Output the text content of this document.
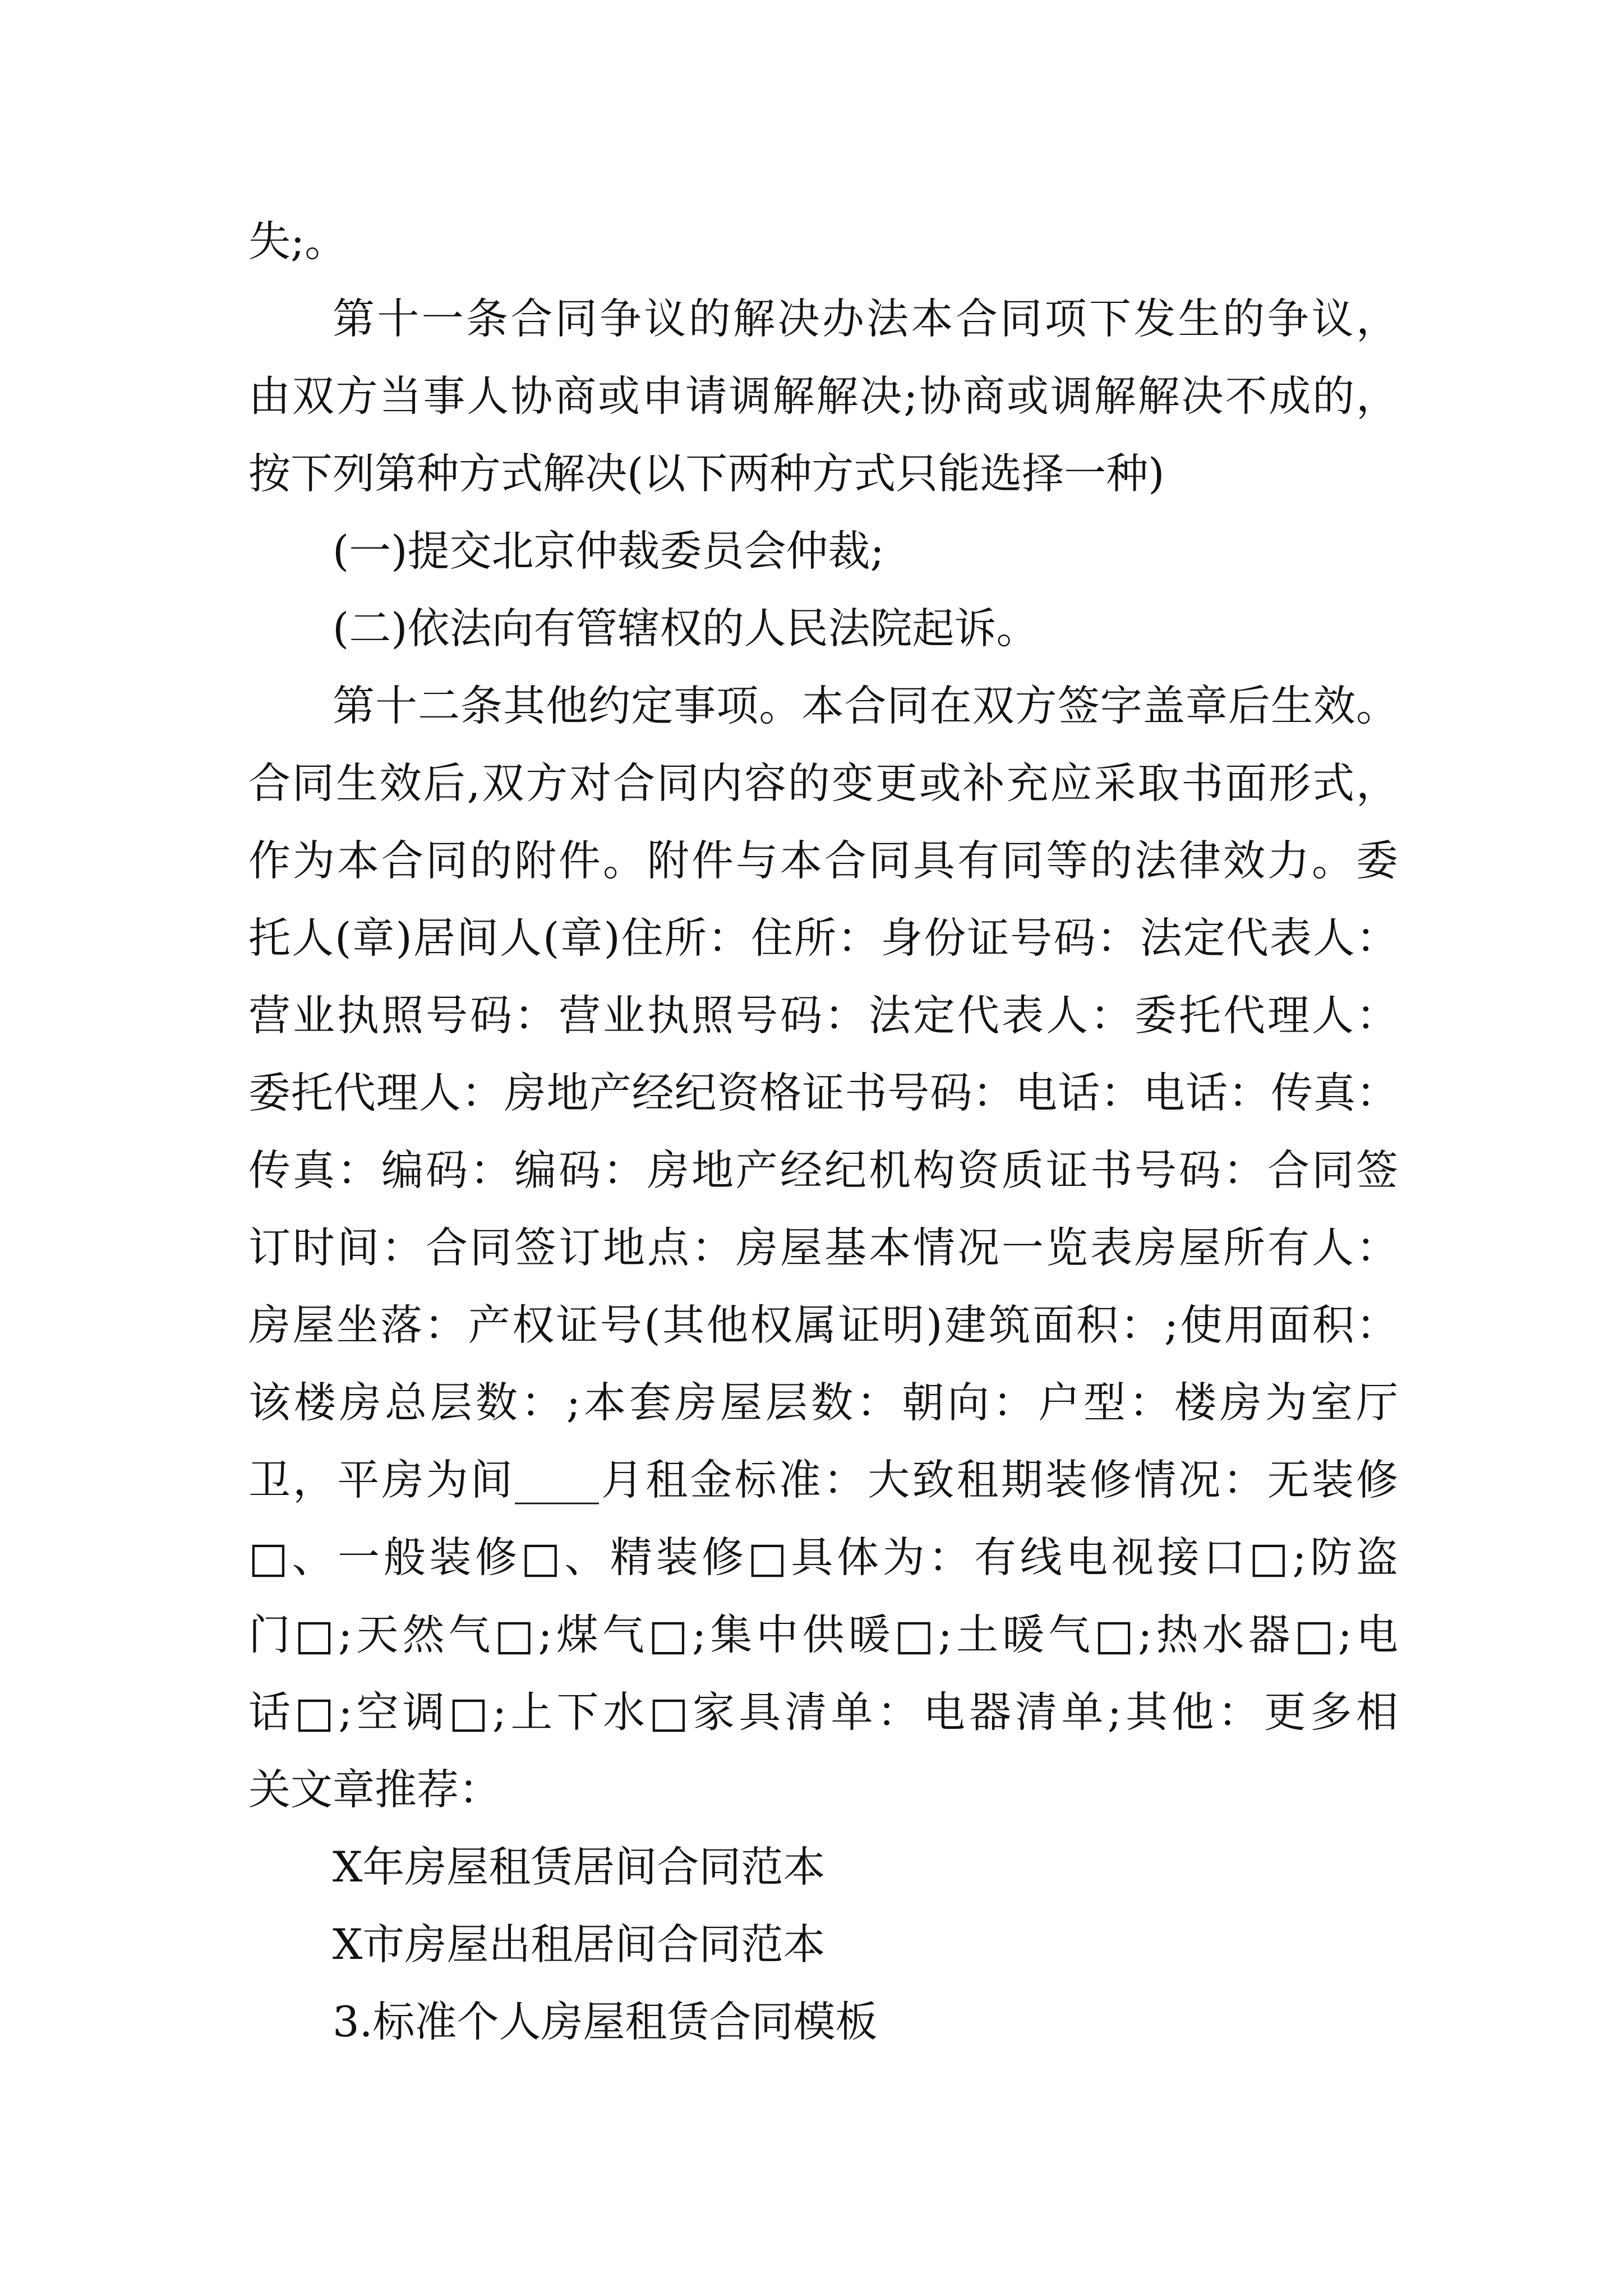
失;。
第十一条合同争议的解决办法本合同项下发生的争议，
由双方当事人协商或申请调解解决;协商或调解解决不成的，
按下列第种方式解决(以下两种方式只能选择一种)
(一)提交北京仲裁委员会仲裁;
(二)依法向有管辖权的人民法院起诉。
第十二条其他约定事项。本合同在双方签字盖章后生效。
合同生效后,双方对合同内容的变更或补充应采取书面形式，
作为本合同的附件。附件与本合同具有同等的法律效力。委
托人(章)居间人(章)住所：住所：身份证号码：法定代表人：
营业执照号码：营业执照号码：法定代表人：委托代理人：
委托代理人：房地产经纪资格证书号码：电话：电话：传真：
传真：编码：编码：房地产经纪机构资质证书号码：合同签
订时间：合同签订地点：房屋基本情况一览表房屋所有人：
房屋坐落：产权证号(其他权属证明)建筑面积：;使用面积：
该楼房总层数：;本套房屋层数：朝向：户型：楼房为室厅
卫，平房为间____月租金标准：大致租期装修情况：无装修
□、一般装修□、精装修□具体为：有线电视接口□;防盗
门□;天然气□;煤气□;集中供暖□;土暖气□;热水器□;电
话□;空调□;上下水□家具清单：电器清单;其他：更多相
关文章推荐：
X年房屋租赁居间合同范本
X市房屋出租居间合同范本
3.标准个人房屋租赁合同模板
